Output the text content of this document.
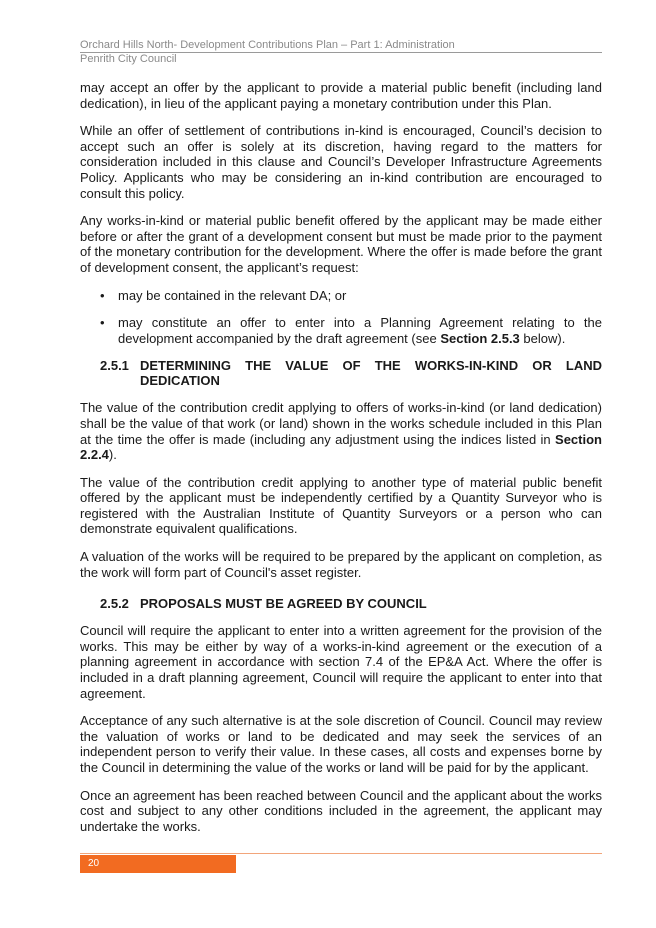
Orchard Hills North- Development Contributions Plan – Part 1: Administration
Penrith City Council

may accept an offer by the applicant to provide a material public benefit (including land dedication), in lieu of the applicant paying a monetary contribution under this Plan.

While an offer of settlement of contributions in-kind is encouraged, Council’s decision to accept such an offer is solely at its discretion, having regard to the matters for consideration included in this clause and Council’s Developer Infrastructure Agreements Policy. Applicants who may be considering an in-kind contribution are encouraged to consult this policy.

Any works-in-kind or material public benefit offered by the applicant may be made either before or after the grant of a development consent but must be made prior to the payment of the monetary contribution for the development. Where the offer is made before the grant of development consent, the applicant’s request:

• may be contained in the relevant DA; or
• may constitute an offer to enter into a Planning Agreement relating to the development accompanied by the draft agreement (see Section 2.5.3 below).
2.5.1 DETERMINING THE VALUE OF THE WORKS-IN-KIND OR LAND DEDICATION

The value of the contribution credit applying to offers of works-in-kind (or land dedication) shall be the value of that work (or land) shown in the works schedule included in this Plan at the time the offer is made (including any adjustment using the indices listed in Section 2.2.4).

The value of the contribution credit applying to another type of material public benefit offered by the applicant must be independently certified by a Quantity Surveyor who is registered with the Australian Institute of Quantity Surveyors or a person who can demonstrate equivalent qualifications.

A valuation of the works will be required to be prepared by the applicant on completion, as the work will form part of Council's asset register.

2.5.2 PROPOSALS MUST BE AGREED BY COUNCIL

Council will require the applicant to enter into a written agreement for the provision of the works. This may be either by way of a works-in-kind agreement or the execution of a planning agreement in accordance with section 7.4 of the EP&A Act. Where the offer is included in a draft planning agreement, Council will require the applicant to enter into that agreement.

Acceptance of any such alternative is at the sole discretion of Council. Council may review the valuation of works or land to be dedicated and may seek the services of an independent person to verify their value. In these cases, all costs and expenses borne by the Council in determining the value of the works or land will be paid for by the applicant.

Once an agreement has been reached between Council and the applicant about the works cost and subject to any other conditions included in the agreement, the applicant may undertake the works.

20
